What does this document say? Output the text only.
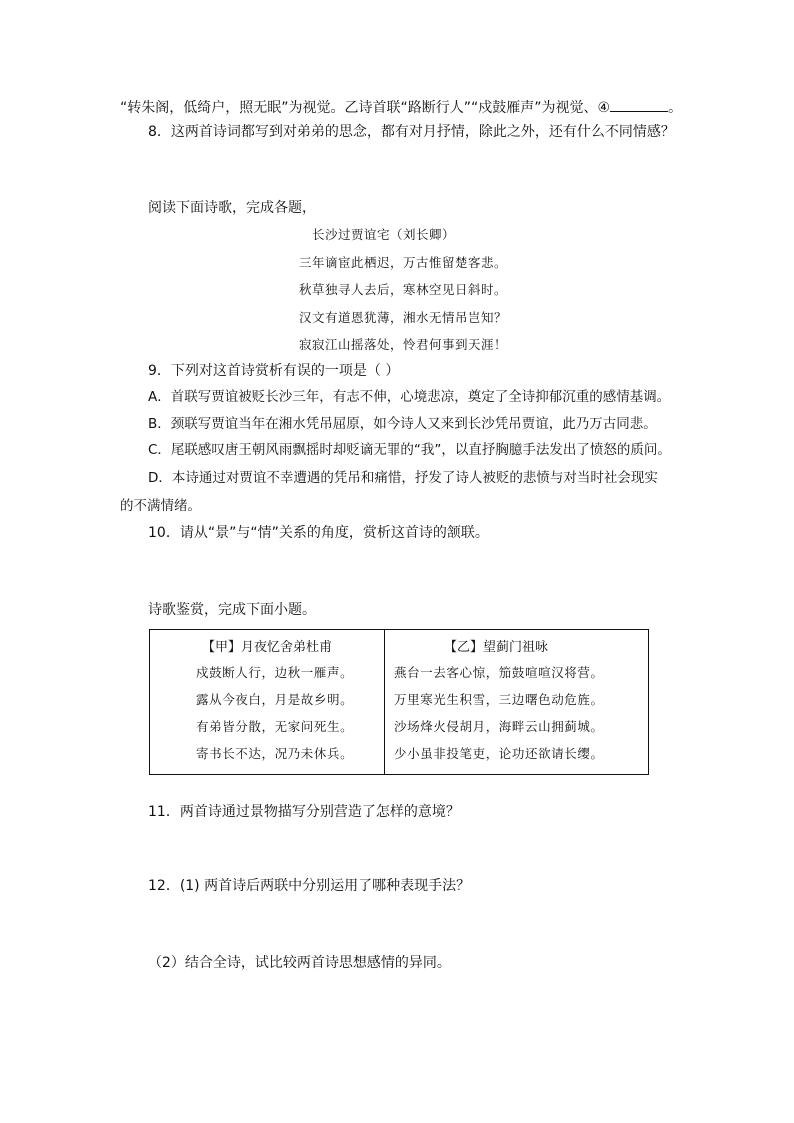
“转朱阁，低绮户，照无眠”为视觉。乙诗首联“路断行人”“戍鼓雁声”为视觉、④	。
8．这两首诗词都写到对弟弟的思念，都有对月抒情，除此之外，还有什么不同情感？
阅读下面诗歌，完成各题，
长沙过贾谊宅（刘长卿）
三年谪宦此栖迟，万古惟留楚客悲。
秋草独寻人去后，寒林空见日斜时。
汉文有道恩犹薄，湘水无情吊岂知？
寂寂江山摇落处，怜君何事到天涯！
9．下列对这首诗赏析有误的一项是（ ）
A．首联写贾谊被贬长沙三年，有志不伸，心境悲凉，奠定了全诗抑郁沉重的感情基调。
B．颈联写贾谊当年在湘水凭吊屈原，如今诗人又来到长沙凭吊贾谊，此乃万古同悲。
C．尾联感叹唐王朝风雨飘摇时却贬谪无罪的“我”，以直抒胸臆手法发出了愤怒的质问。
D．本诗通过对贾谊不幸遭遇的凭吊和痛惜，抒发了诗人被贬的悲愤与对当时社会现实
的不满情绪。
10．请从“景”与“情”关系的角度，赏析这首诗的颔联。
诗歌鉴赏，完成下面小题。
【甲】月夜忆舍弟杜甫
戍鼓断人行，边秋一雁声。
露从今夜白，月是故乡明。
有弟皆分散，无家问死生。
寄书长不达，况乃未休兵。
【乙】望蓟门祖咏
燕台一去客心惊，笳鼓喧喧汉将营。
万里寒光生积雪，三边曙色动危旌。
沙场烽火侵胡月，海畔云山拥蓟城。
少小虽非投笔吏，论功还欲请长缨。
11．两首诗通过景物描写分别营造了怎样的意境？
12．(1) 两首诗后两联中分别运用了哪种表现手法？
（2）结合全诗，试比较两首诗思想感情的异同。
